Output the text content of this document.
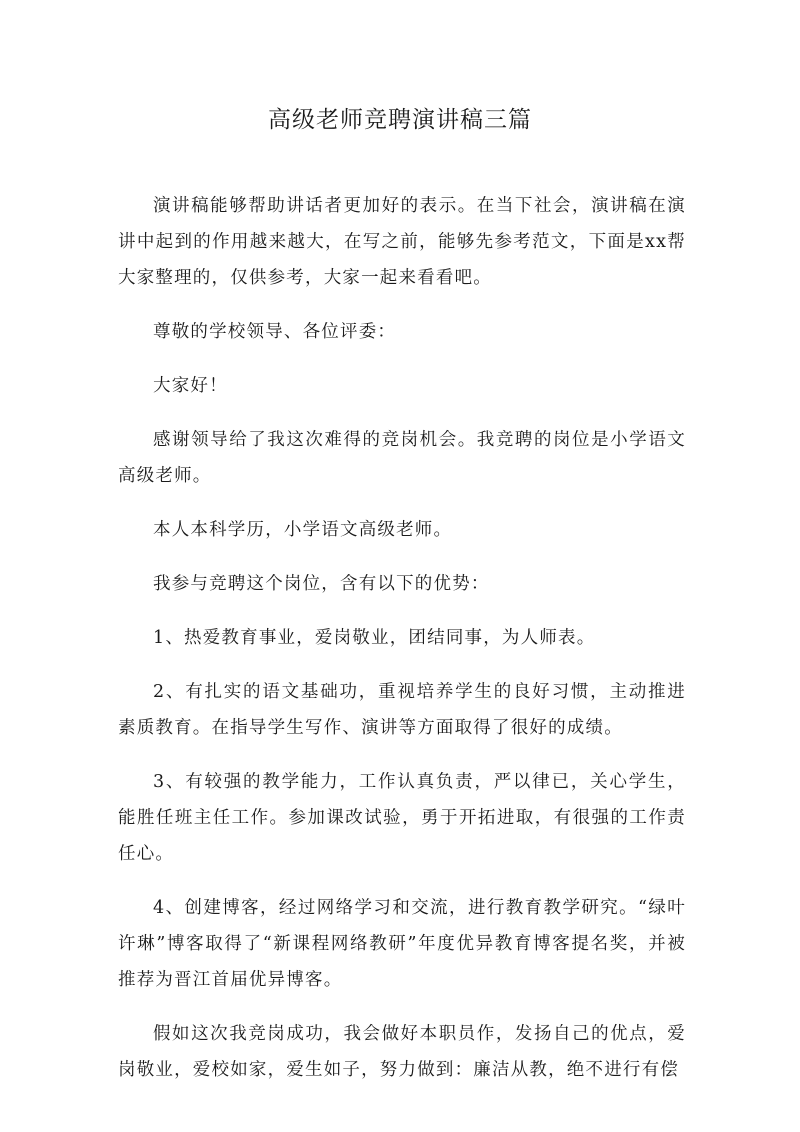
高级老师竞聘演讲稿三篇

演讲稿能够帮助讲话者更加好的表示。在当下社会，演讲稿在演讲中起到的作用越来越大，在写之前，能够先参考范文，下面是xx帮大家整理的，仅供参考，大家一起来看看吧。

尊敬的学校领导、各位评委：

大家好！

感谢领导给了我这次难得的竞岗机会。我竞聘的岗位是小学语文高级老师。

本人本科学历，小学语文高级老师。

我参与竞聘这个岗位，含有以下的优势：

1、热爱教育事业，爱岗敬业，团结同事，为人师表。

2、有扎实的语文基础功，重视培养学生的良好习惯，主动推进素质教育。在指导学生写作、演讲等方面取得了很好的成绩。

3、有较强的教学能力，工作认真负责，严以律已，关心学生，能胜任班主任工作。参加课改试验，勇于开拓进取，有很强的工作责任心。

4、创建博客，经过网络学习和交流，进行教育教学研究。“绿叶许琳”博客取得了“新课程网络教研”年度优异教育博客提名奖，并被推荐为晋江首届优异博客。

假如这次我竞岗成功，我会做好本职员作，发扬自己的优点，爱岗敬业，爱校如家，爱生如子，努力做到：廉洁从教，绝不进行有偿
